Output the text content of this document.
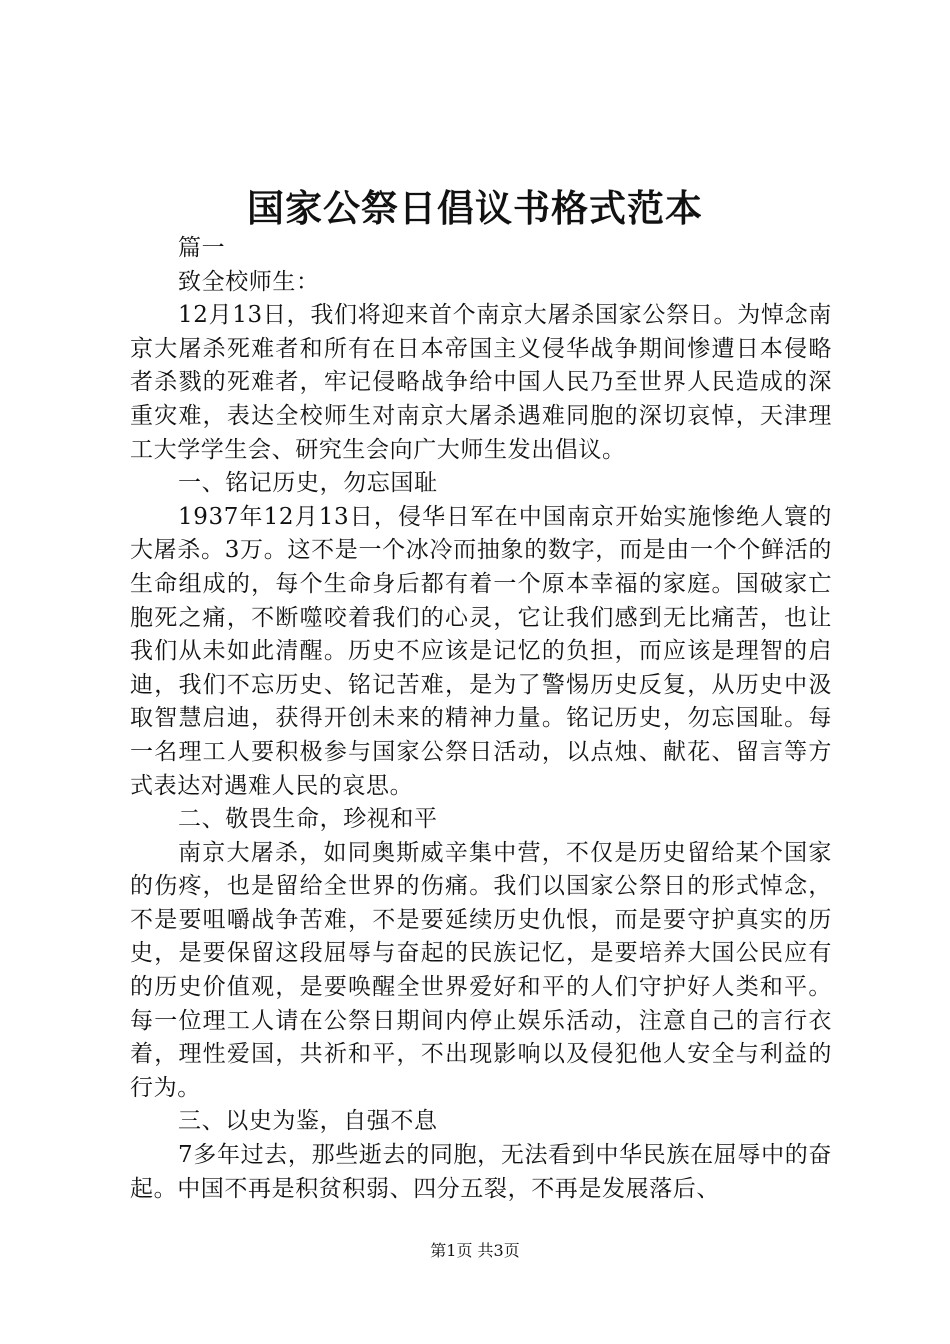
国家公祭日倡议书格式范本

篇一

致全校师生：

12月13日，我们将迎来首个南京大屠杀国家公祭日。为悼念南京大屠杀死难者和所有在日本帝国主义侵华战争期间惨遭日本侵略者杀戮的死难者，牢记侵略战争给中国人民乃至世界人民造成的深重灾难，表达全校师生对南京大屠杀遇难同胞的深切哀悼，天津理工大学学生会、研究生会向广大师生发出倡议。

一、铭记历史，勿忘国耻

1937年12月13日，侵华日军在中国南京开始实施惨绝人寰的大屠杀。3万。这不是一个冰冷而抽象的数字，而是由一个个鲜活的生命组成的，每个生命身后都有着一个原本幸福的家庭。国破家亡胞死之痛，不断噬咬着我们的心灵，它让我们感到无比痛苦，也让我们从未如此清醒。历史不应该是记忆的负担，而应该是理智的启迪，我们不忘历史、铭记苦难，是为了警惕历史反复，从历史中汲取智慧启迪，获得开创未来的精神力量。铭记历史，勿忘国耻。每一名理工人要积极参与国家公祭日活动，以点烛、献花、留言等方式表达对遇难人民的哀思。

二、敬畏生命，珍视和平

南京大屠杀，如同奥斯威辛集中营，不仅是历史留给某个国家的伤疼，也是留给全世界的伤痛。我们以国家公祭日的形式悼念，不是要咀嚼战争苦难，不是要延续历史仇恨，而是要守护真实的历史，是要保留这段屈辱与奋起的民族记忆，是要培养大国公民应有的历史价值观，是要唤醒全世界爱好和平的人们守护好人类和平。每一位理工人请在公祭日期间内停止娱乐活动，注意自己的言行衣着，理性爱国，共祈和平，不出现影响以及侵犯他人安全与利益的行为。

三、以史为鉴，自强不息

7多年过去，那些逝去的同胞，无法看到中华民族在屈辱中的奋起。中国不再是积贫积弱、四分五裂，不再是发展落后、

第1页 共3页
